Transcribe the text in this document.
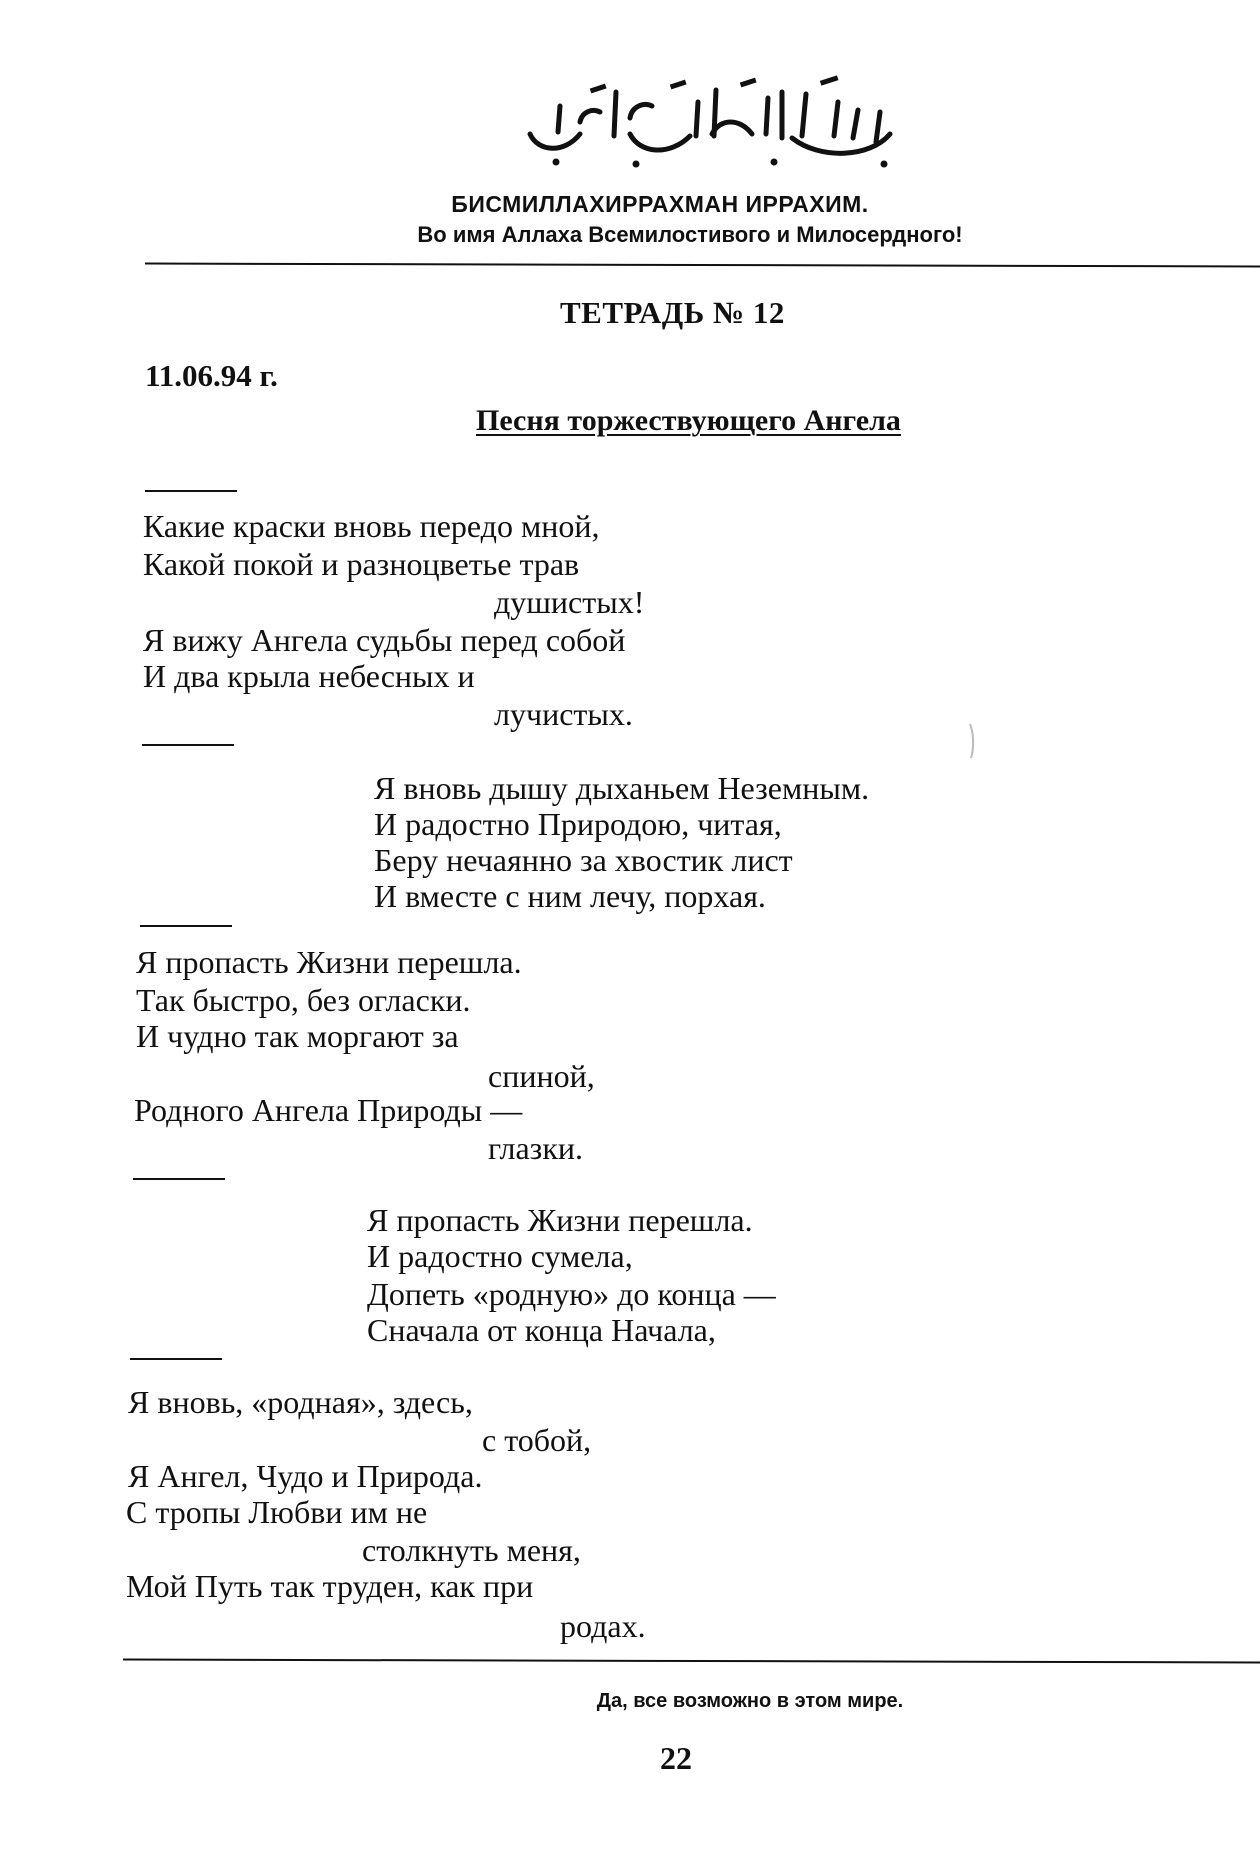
БИСМИЛЛАХИРРАХМАН ИРРАХИМ.
Во имя Аллаха Всемилостивого и Милосердного!
ТЕТРАДЬ № 12
11.06.94 г.
Песня торжествующего Ангела
Какие краски вновь передо мной,
Какой покой и разноцветье трав
душистых!
Я вижу Ангела судьбы перед собой
И два крыла небесных и
лучистых.
Я вновь дышу дыханьем Неземным.
И радостно Природою, читая,
Беру нечаянно за хвостик лист
И вместе с ним лечу, порхая.
Я пропасть Жизни перешла.
Так быстро, без огласки.
И чудно так моргают за
спиной,
Родного Ангела Природы —
глазки.
Я пропасть Жизни перешла.
И радостно сумела,
Допеть «родную» до конца —
Сначала от конца Начала,
Я вновь, «родная», здесь,
с тобой,
Я Ангел, Чудо и Природа.
С тропы Любви им не
столкнуть меня,
Мой Путь так труден, как при
родах.
Да, все возможно в этом мире.
22
